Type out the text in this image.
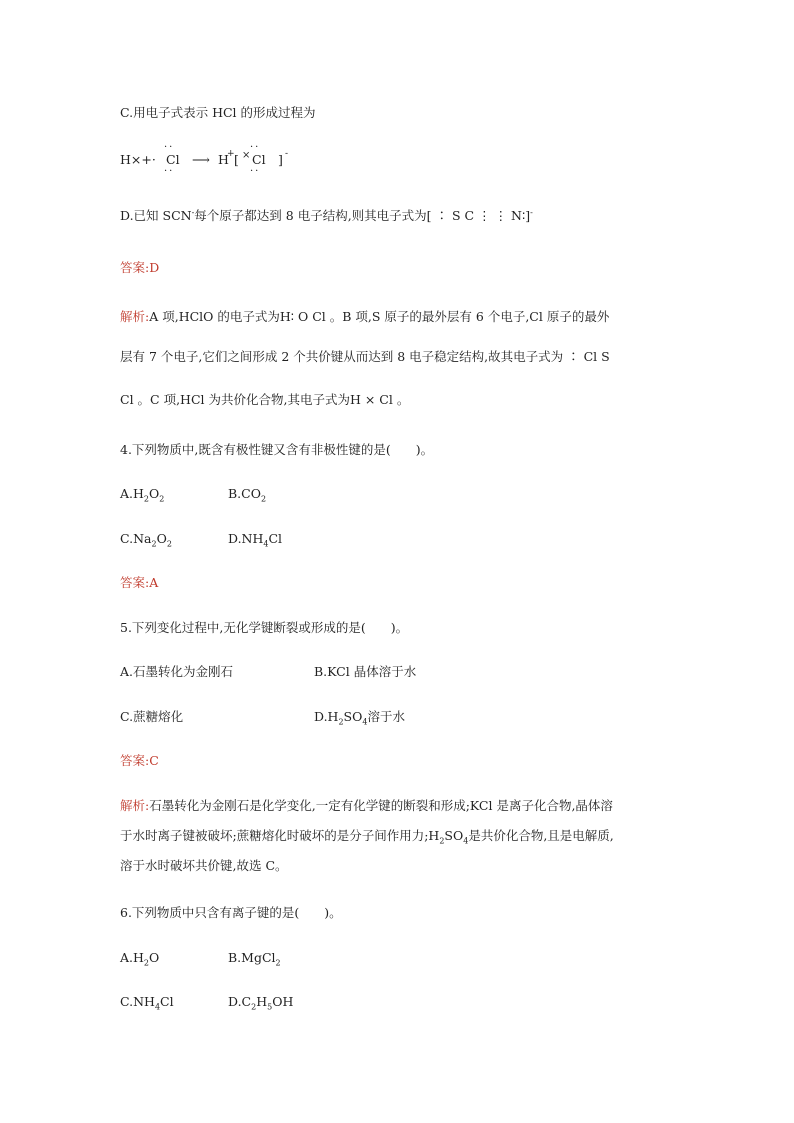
C.用电子式表示 HCl 的形成过程为
H×+· Cl
··
··
⟶ H
+ [ × Cl
··
··
] -
D.已知 SCN-每个原子都达到 8 电子结构,则其电子式为[ ∶ S C ⋮ ⋮ N∶]-
答案:D
解析:A 项,HClO 的电子式为H∶ O Cl 。B 项,S 原子的最外层有 6 个电子,Cl 原子的最外
层有 7 个电子,它们之间形成 2 个共价键从而达到 8 电子稳定结构,故其电子式为 ∶ Cl S
Cl 。C 项,HCl 为共价化合物,其电子式为H × Cl 。
4.下列物质中,既含有极性键又含有非极性键的是(　　)。
$A.H_2O_2$	$B.CO_2$
$C.Na_2O_2$	$D.NH_4Cl$
答案:A
5.下列变化过程中,无化学键断裂或形成的是(　　)。
A.石墨转化为金刚石	B.KCl 晶体溶于水
C.蔗糖熔化	$D.H_2SO_4$溶于水
答案:C
解析:石墨转化为金刚石是化学变化,一定有化学键的断裂和形成;KCl 是离子化合物,晶体溶
于水时离子键被破坏;蔗糖熔化时破坏的是分子间作用力$;H_2SO_4$是共价化合物,且是电解质,
溶于水时破坏共价键,故选 C。
6.下列物质中只含有离子键的是(　　)。
$A.H_2O$	B.MgCl$_2$
$C.NH_4Cl$	$D.C_2H_5OH$
